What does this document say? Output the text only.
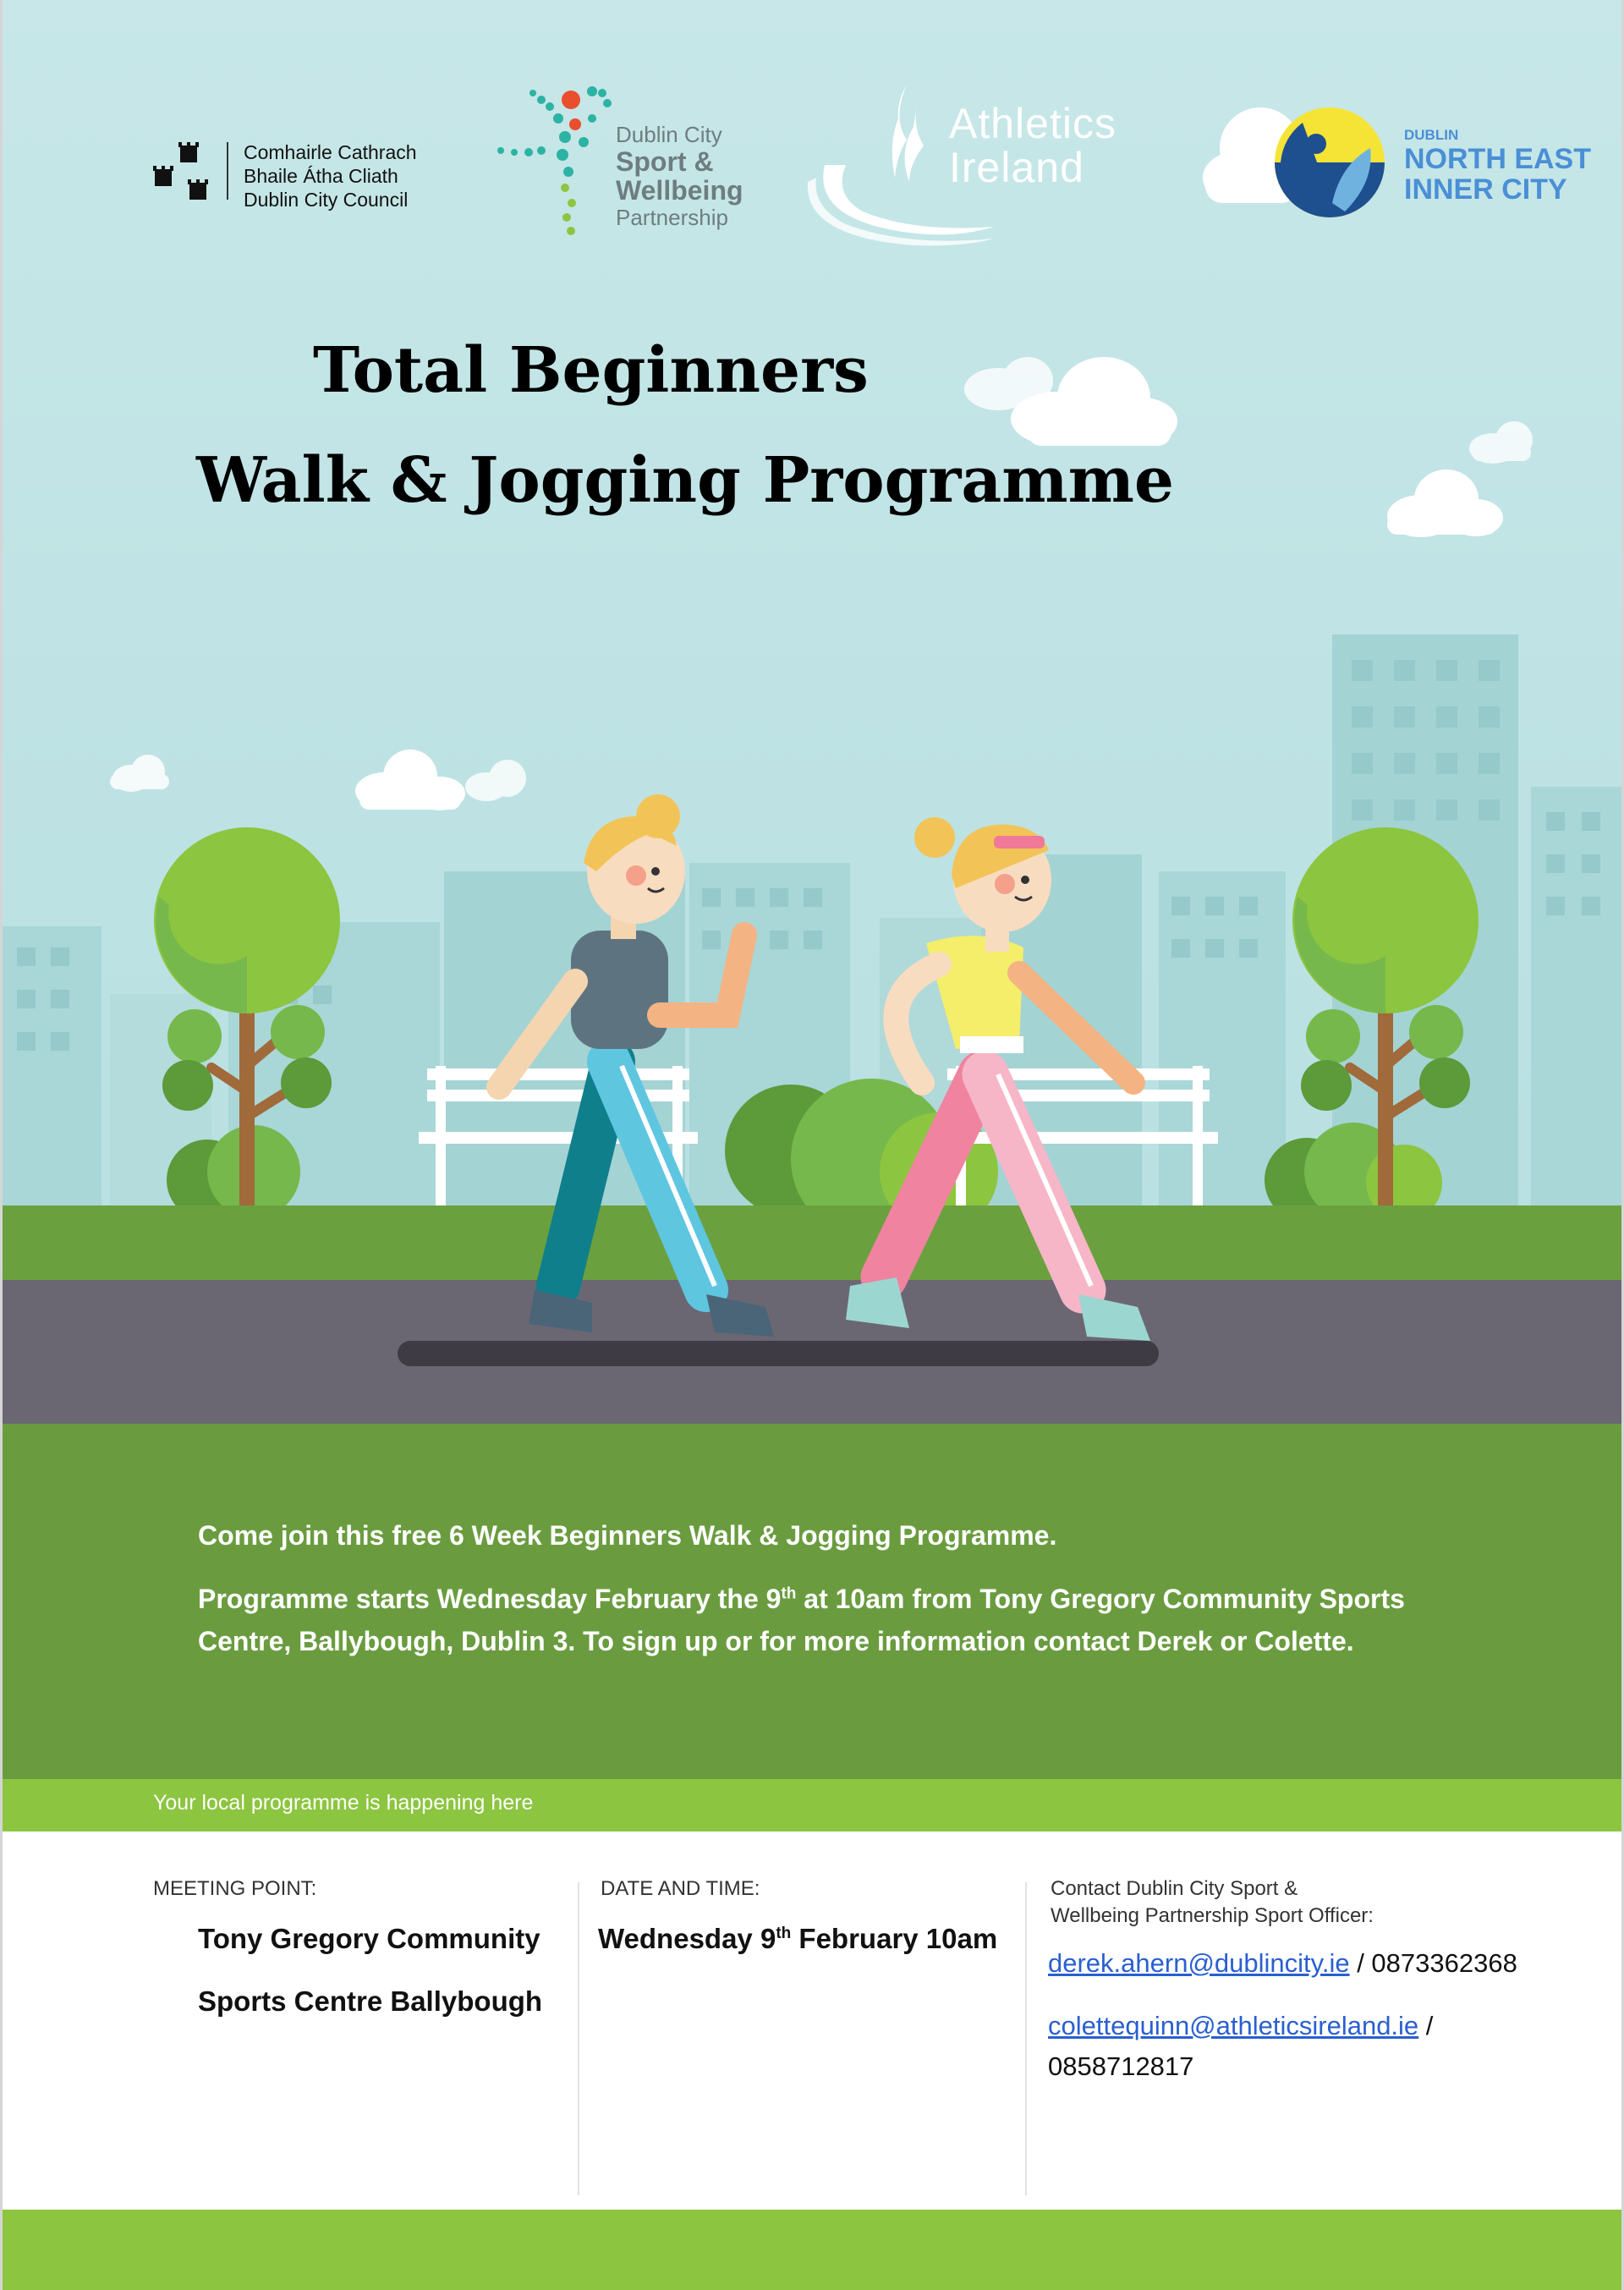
Comhairle Cathrach
Bhaile Átha Cliath
Dublin City Council
Dublin City
Sport &
Wellbeing
Partnership
Athletics
Ireland
DUBLIN
NORTH EAST
INNER CITY
Total Beginners
Walk & Jogging Programme

Come join this free 6 Week Beginners Walk & Jogging Programme.

Programme starts Wednesday February the 9th at 10am from Tony Gregory Community Sports Centre, Ballybough, Dublin 3. To sign up or for more information contact Derek or Colette.

Your local programme is happening here
MEETING POINT:
Tony Gregory Community
Sports Centre Ballybough
DATE AND TIME:
Wednesday 9th February 10am
Contact Dublin City Sport &
Wellbeing Partnership Sport Officer:
derek.ahern@dublincity.ie / 0873362368
colettequinn@athleticsireland.ie /
0858712817
